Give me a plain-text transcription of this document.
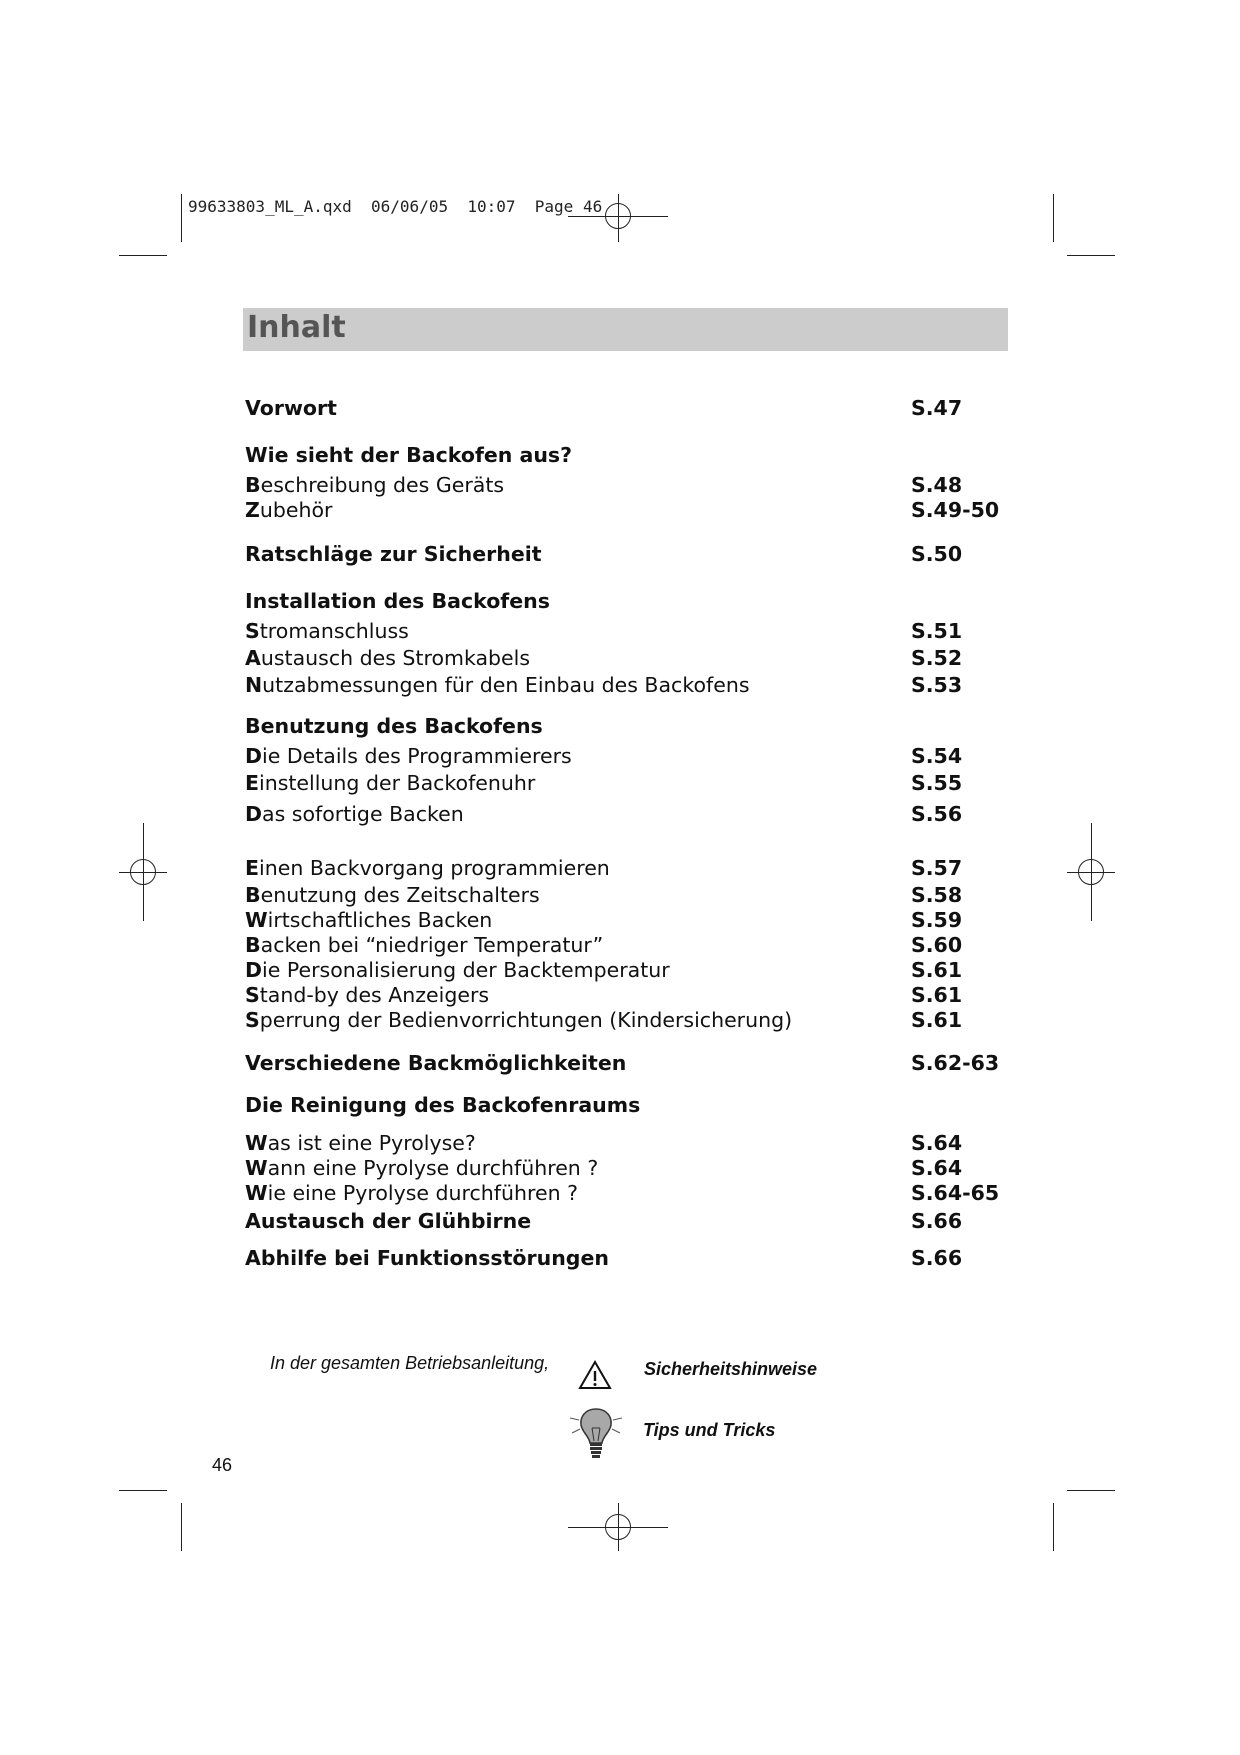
99633803_ML_A.qxd  06/06/05  10:07  Page 46
Inhalt
Vorwort	S.47
Wie sieht der Backofen aus?
Beschreibung des Geräts	S.48
Zubehör	S.49-50
Ratschläge zur Sicherheit	S.50
Installation des Backofens
Stromanschluss	S.51
Austausch des Stromkabels	S.52
Nutzabmessungen für den Einbau des Backofens	S.53
Benutzung des Backofens
Die Details des Programmierers	S.54
Einstellung der Backofenuhr	S.55
Das sofortige Backen	S.56
Einen Backvorgang programmieren	S.57
Benutzung des Zeitschalters	S.58
Wirtschaftliches Backen	S.59
Backen bei “niedriger Temperatur”	S.60
Die Personalisierung der Backtemperatur	S.61
Stand-by des Anzeigers	S.61
Sperrung der Bedienvorrichtungen (Kindersicherung)	S.61
Verschiedene Backmöglichkeiten	S.62-63
Die Reinigung des Backofenraums
Was ist eine Pyrolyse?	S.64
Wann eine Pyrolyse durchführen ?	S.64
Wie eine Pyrolyse durchführen ?	S.64-65
Austausch der Glühbirne	S.66
Abhilfe bei Funktionsstörungen	S.66
In der gesamten Betriebsanleitung,	Sicherheitshinweise
Tips und Tricks
46
